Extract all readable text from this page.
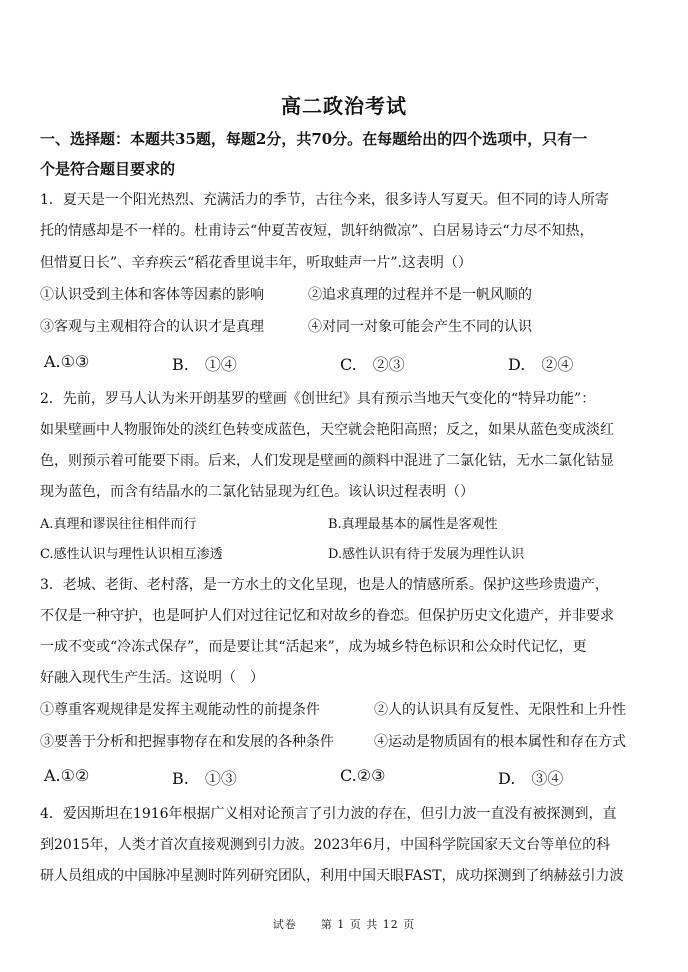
高二政治考试
一、选择题：本题共35题，每题2分，共70分。在每题给出的四个选项中，只有一
个是符合题目要求的
1．夏天是一个阳光热烈、充满活力的季节，古往今来，很多诗人写夏天。但不同的诗人所寄
托的情感却是不一样的。杜甫诗云“仲夏苦夜短，凯轩纳微凉”、白居易诗云“力尽不知热，
但惜夏日长”、辛弃疾云“稻花香里说丰年，听取蛙声一片”.这表明（）
①认识受到主体和客体等因素的影响	②追求真理的过程并不是一帆风顺的
③客观与主观相符合的认识才是真理	④对同一对象可能会产生不同的认识
A.①③	B.　①④	C.　②③	D.　②④
2．先前，罗马人认为米开朗基罗的壁画《创世纪》具有预示当地天气变化的“特异功能”：
如果壁画中人物服饰处的淡红色转变成蓝色，天空就会艳阳高照；反之，如果从蓝色变成淡红
色，则预示着可能要下雨。后来，人们发现是壁画的颜料中混进了二氯化钴，无水二氯化钴显
现为蓝色，而含有结晶水的二氯化钴显现为红色。该认识过程表明（）
A.真理和谬误往往相伴而行	B.真理最基本的属性是客观性
C.感性认识与理性认识相互渗透	D.感性认识有待于发展为理性认识
3．老城、老街、老村落，是一方水土的文化呈现，也是人的情感所系。保护这些珍贵遗产，
不仅是一种守护，也是呵护人们对过往记忆和对故乡的眷恋。但保护历史文化遗产，并非要求
一成不变或“冷冻式保存”，而是要让其“活起来”，成为城乡特色标识和公众时代记忆，更
好融入现代生产生活。这说明（　）
①尊重客观规律是发挥主观能动性的前提条件	②人的认识具有反复性、无限性和上升性
③要善于分析和把握事物存在和发展的各种条件	④运动是物质固有的根本属性和存在方式
A.①②	B.　①③	C.②③	D.　③④
4．爱因斯坦在1916年根据广义相对论预言了引力波的存在，但引力波一直没有被探测到，直
到2015年，人类才首次直接观测到引力波。2023年6月，中国科学院国家天文台等单位的科
研人员组成的中国脉冲星测时阵列研究团队，利用中国天眼FAST，成功探测到了纳赫兹引力波
试卷　　第 1 页 共 12 页
